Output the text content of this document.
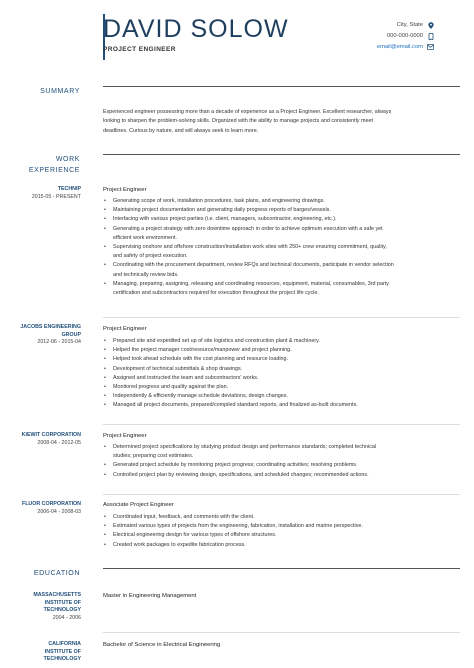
DAVID SOLOW
PROJECT ENGINEER
City, State
000-000-0000
email@email.com
SUMMARY
Experienced engineer possessing more than a decade of experience as a Project Engineer. Excellent researcher, always
looking to sharpen the problem-solving skills. Organized with the ability to manage projects and consistently meet
deadlines. Curious by nature, and will always seek to learn more.
WORK
EXPERIENCE
TECHNIP
2015-05 - PRESENT
Project Engineer
• Generating scope of work, installation procedures, task plans, and engineering drawings.
• Maintaining project documentation and generating daily progress reports of barges/vessels.
• Interfacing with various project parties (i.e. client, managers, subcontractor, engineering, etc.).
• Generating a project strategy with zero downtime approach in order to achieve optimum execution with a safe yet
efficient work environment.
• Supervising onshore and offshore construction/installation work sites with 250+ crew ensuring commitment, quality,
and safety of project execution.
• Coordinating with the procurement department, review RFQs and technical documents, participate in vendor selection
and technically review bids.
• Managing, preparing, assigning, releasing and coordinating resources, equipment, material, consumables, 3rd party
certification and subcontractors required for execution throughout the project life cycle.
JACOBS ENGINEERING
GROUP
2012-06 - 2015-04
Project Engineer
• Prepared site and expedited set up of site logistics and construction plant & machinery.
• Helped the project manager cost/resource/manpower and project planning.
• Helped took ahead schedule with the cost planning and resource loading.
• Development of technical submittals & shop drawings.
• Assigned and instructed the team and subcontractors' works.
• Monitored progress and quality against the plan.
• Independently & efficiently manage schedule deviations, design changes.
• Managed all project documents, prepared/compiled standard reports, and finalized as-built documents.
KIEWIT CORPORATION
2008-04 - 2012-05
Project Engineer
• Determined project specifications by studying product design and performance standards; completed technical
studies; preparing cost estimates.
• Generated project schedule by monitoring project progress; coordinating activities; resolving problems.
• Controlled project plan by reviewing design, specifications, and scheduled changes; recommended actions.
FLUOR CORPORATION
2006-04 - 2008-03
Associate Project Engineer
• Coordinated input, feedback, and comments with the client.
• Estimated various types of projects from the engineering, fabrication, installation and marine perspective.
• Electrical engineering design for various types of offshore structures.
• Created work packages to expedite fabrication process.
EDUCATION
MASSACHUSETTS
INSTITUTE OF
TECHNOLOGY
2004 - 2006
Master in Engineering Management
CALIFORNIA
INSTITUTE OF
TECHNOLOGY
Bachelor of Science in Electrical Engineering
